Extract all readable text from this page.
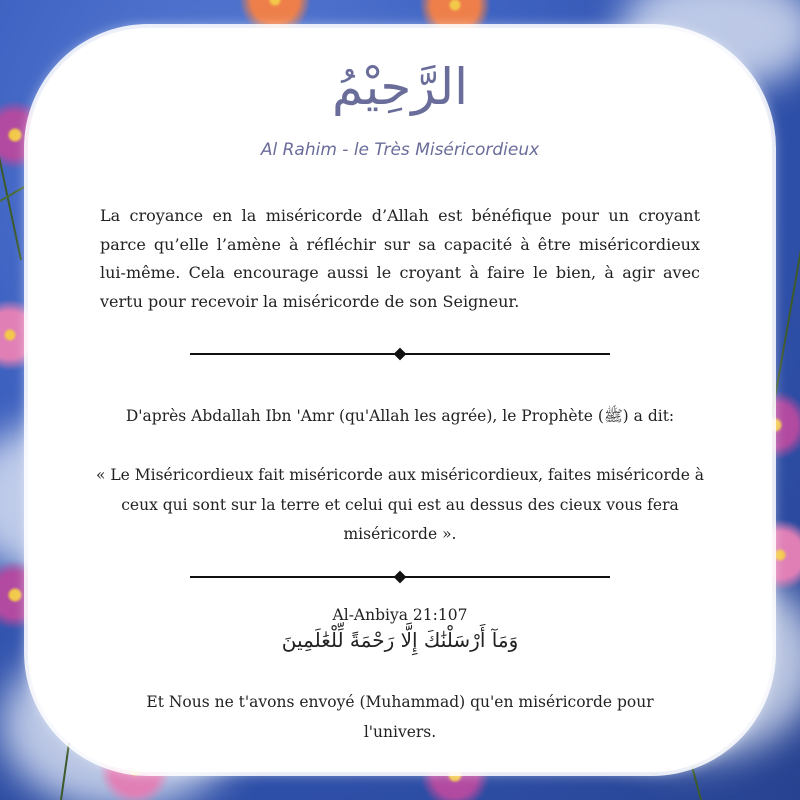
الرَّحِيْمُ
Al Rahim - le Très Miséricordieux

La croyance en la miséricorde d’Allah est bénéfique pour un croyant parce qu’elle l’amène à réfléchir sur sa capacité à être miséricordieux lui-même. Cela encourage aussi le croyant à faire le bien, à agir avec vertu pour recevoir la miséricorde de son Seigneur.

D'après Abdallah Ibn 'Amr (qu'Allah les agrée), le Prophète (ﷺ) a dit:
« Le Miséricordieux fait miséricorde aux miséricordieux, faites miséricorde à ceux qui sont sur la terre et celui qui est au dessus des cieux vous fera miséricorde ».
Al-Anbiya 21:107
وَمَآ أَرْسَلْنَٰكَ إِلَّا رَحْمَةً لِّلْعَٰلَمِينَ
Et Nous ne t'avons envoyé (Muhammad) qu'en miséricorde pour l'univers.
